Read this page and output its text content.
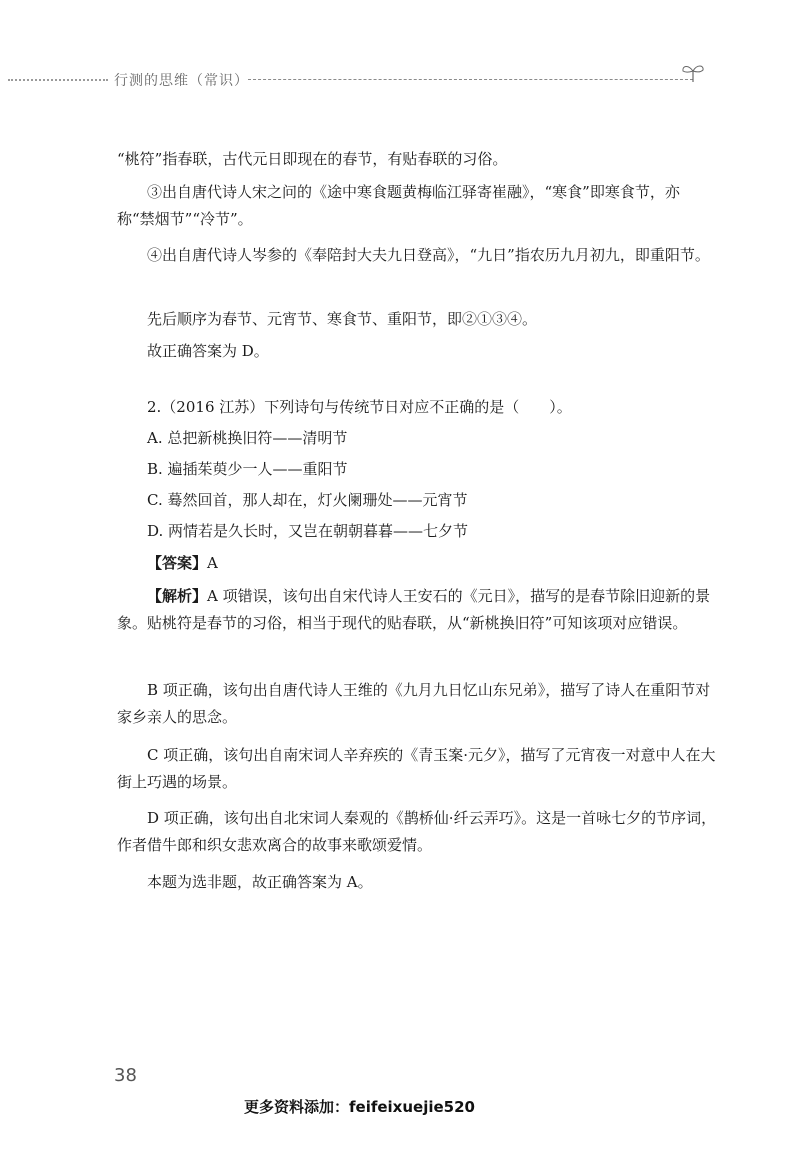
行测的思维（常识）

“桃符”指春联，古代元日即现在的春节，有贴春联的习俗。

③出自唐代诗人宋之问的《途中寒食题黄梅临江驿寄崔融》，“寒食”即寒食节，亦称“禁烟节”“冷节”。

④出自唐代诗人岑参的《奉陪封大夫九日登高》，“九日”指农历九月初九，即重阳节。

先后顺序为春节、元宵节、寒食节、重阳节，即②①③④。

故正确答案为 D。

2.（2016 江苏）下列诗句与传统节日对应不正确的是（　　）。

A. 总把新桃换旧符——清明节

B. 遍插茱萸少一人——重阳节

C. 蓦然回首，那人却在，灯火阑珊处——元宵节

D. 两情若是久长时，又岂在朝朝暮暮——七夕节

【答案】A

【解析】A 项错误，该句出自宋代诗人王安石的《元日》，描写的是春节除旧迎新的景象。贴桃符是春节的习俗，相当于现代的贴春联，从“新桃换旧符”可知该项对应错误。

B 项正确，该句出自唐代诗人王维的《九月九日忆山东兄弟》，描写了诗人在重阳节对家乡亲人的思念。

C 项正确，该句出自南宋词人辛弃疾的《青玉案·元夕》，描写了元宵夜一对意中人在大街上巧遇的场景。

D 项正确，该句出自北宋词人秦观的《鹊桥仙·纤云弄巧》。这是一首咏七夕的节序词，作者借牛郎和织女悲欢离合的故事来歌颂爱情。

本题为选非题，故正确答案为 A。

38
更多资料添加：feifeixuejie520
